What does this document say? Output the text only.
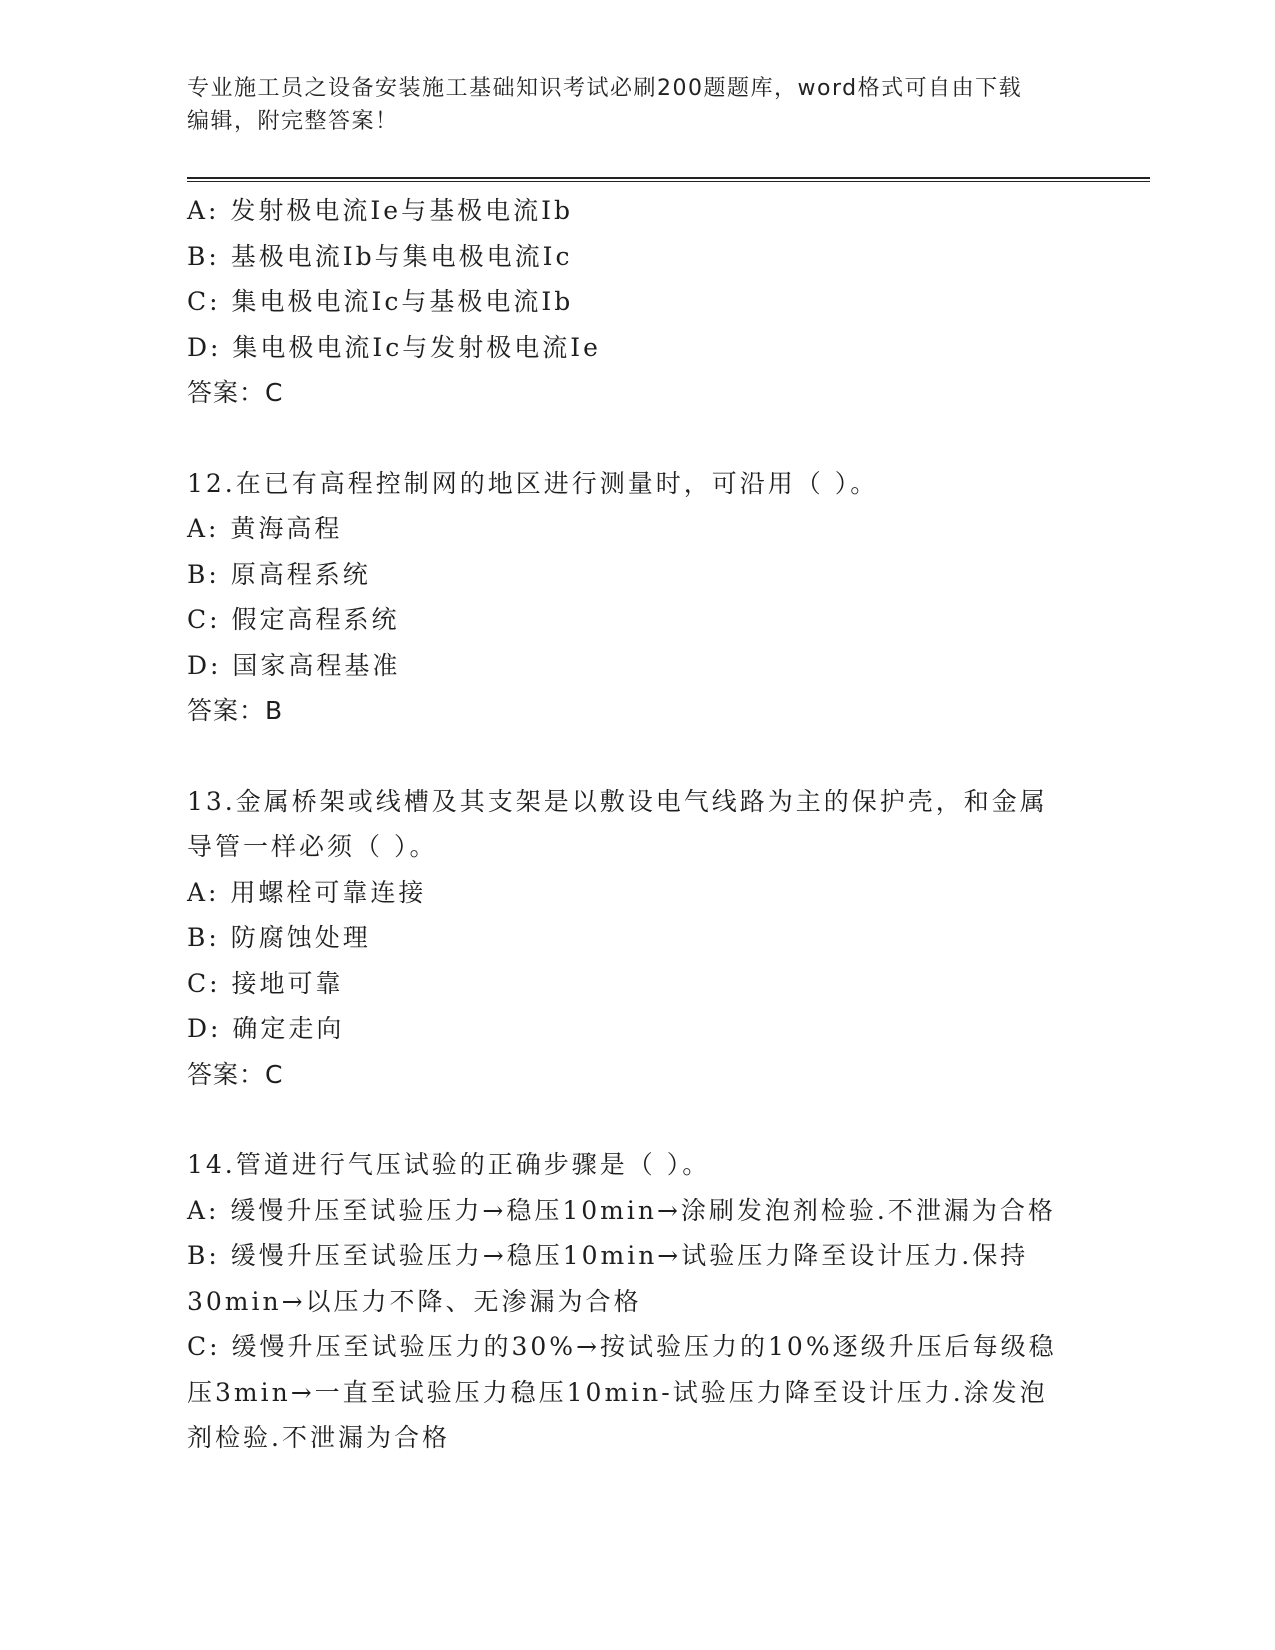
专业施工员之设备安装施工基础知识考试必刷200题题库，word格式可自由下载
编辑，附完整答案！
A: 发射极电流Ie与基极电流Ib
B: 基极电流Ib与集电极电流Ic
C: 集电极电流Ic与基极电流Ib
D: 集电极电流Ic与发射极电流Ie
答案：C
12.在已有高程控制网的地区进行测量时，可沿用（ ）。
A: 黄海高程
B: 原高程系统
C: 假定高程系统
D: 国家高程基准
答案：B
13.金属桥架或线槽及其支架是以敷设电气线路为主的保护壳，和金属
导管一样必须（ ）。
A: 用螺栓可靠连接
B: 防腐蚀处理
C: 接地可靠
D: 确定走向
答案：C
14.管道进行气压试验的正确步骤是（ ）。
A: 缓慢升压至试验压力→稳压10min→涂刷发泡剂检验.不泄漏为合格
B: 缓慢升压至试验压力→稳压10min→试验压力降至设计压力.保持
30min→以压力不降、无渗漏为合格
C: 缓慢升压至试验压力的30%→按试验压力的10%逐级升压后每级稳
压3min→一直至试验压力稳压10min-试验压力降至设计压力.涂发泡
剂检验.不泄漏为合格
